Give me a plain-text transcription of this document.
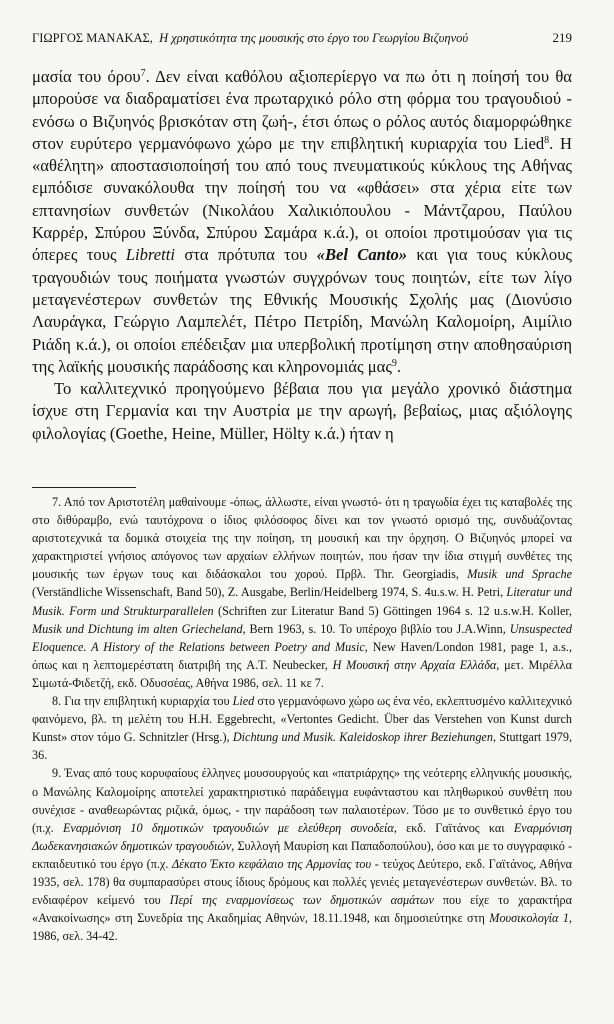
ΓΙΩΡΓΟΣ ΜΑΝΑΚΑΣ, Η χρηστικότητα της μουσικής στο έργο του Γεωργίου Βιζυηνού	219

μασία του όρου$^7$. Δεν είναι καθόλου αξιοπερίεργο να πω ότι η ποίησή του θα μπορούσε να διαδραματίσει ένα πρωταρχικό ρόλο στη φόρμα του τραγουδιού - ενόσω ο Βιζυηνός βρισκόταν στη ζωή-, έτσι όπως ο ρόλος αυτός διαμορφώθηκε στον ευρύτερο γερμανόφωνο χώρο με την επιβλητική κυριαρχία του Lied$^8$. Η «αθέλητη» αποστασιοποίησή του από τους πνευματικούς κύκλους της Αθήνας εμπόδισε συνακόλουθα την ποίησή του να «φθάσει» στα χέρια είτε των επτανησίων συνθετών (Νικολάου Χαλικιόπουλου - Μάντζαρου, Παύλου Καρρέρ, Σπύρου Ξύνδα, Σπύρου Σαμάρα κ.ά.), οι οποίοι προτιμούσαν για τις όπερες τους Libretti στα πρότυπα του «Bel Canto» και για τους κύκλους τραγουδιών τους ποιήματα γνωστών συγχρόνων τους ποιητών, είτε των λίγο μεταγενέστερων συνθετών της Εθνικής Μουσικής Σχολής μας (Διονύσιο Λαυράγκα, Γεώργιο Λαμπελέτ, Πέτρο Πετρίδη, Μανώλη Καλομοίρη, Αιμίλιο Ριάδη κ.ά.), οι οποίοι επέδειξαν μια υπερβολική προτίμηση στην αποθησαύριση της λαϊκής μουσικής παράδοσης και κληρονομιάς μας$^9$.

Το καλλιτεχνικό προηγούμενο βέβαια που για μεγάλο χρονικό διάστημα ίσχυε στη Γερμανία και την Αυστρία με την αρωγή, βεβαίως, μιας αξιόλογης φιλολογίας (Goethe, Heine, Müller, Hölty κ.ά.) ήταν η

7. Από τον Αριστοτέλη μαθαίνουμε -όπως, άλλωστε, είναι γνωστό- ότι η τραγωδία έχει τις καταβολές της στο διθύραμβο, ενώ ταυτόχρονα ο ίδιος φιλόσοφος δίνει και τον γνωστό ορισμό της, συνδυάζοντας αριστοτεχνικά τα δομικά στοιχεία της την ποίηση, τη μουσική και την όρχηση. Ο Βιζυηνός μπορεί να χαρακτηριστεί γνήσιος απόγονος των αρχαίων ελλήνων ποιητών, που ήσαν την ίδια στιγμή συνθέτες της μουσικής των έργων τους και διδάσκαλοι του χορού. Πρβλ. Thr. Georgiadis, Musik und Sprache (Verständliche Wissenschaft, Band 50), Z. Ausgabe, Berlin/Heidelberg 1974, S. 4u.s.w. H. Petri, Literatur und Musik. Form und Strukturparallelen (Schriften zur Literatur Band 5) Göttingen 1964 s. 12 u.s.w.H. Koller, Musik und Dichtung im alten Griecheland, Bern 1963, s. 10. Το υπέροχο βιβλίο του J.A.Winn, Unsuspected Eloquence. A History of the Relations between Poetry and Music, New Haven/London 1981, page 1, a.s., όπως και η λεπτομερέστατη διατριβή της A.T. Neubecker, Η Μουσική στην Αρχαία Ελλάδα, μετ. Μιρέλλα Σιμωτά-Φιδετζή, εκδ. Οδυσσέας, Αθήνα 1986, σελ. 11 κε 7.

8. Για την επιβλητική κυριαρχία του Lied στο γερμανόφωνο χώρο ως ένα νέο, εκλεπτυσμένο καλλιτεχνικό φαινόμενο, βλ. τη μελέτη του H.H. Eggebrecht, «Vertontes Gedicht. Über das Verstehen von Kunst durch Kunst» στον τόμο G. Schnitzler (Hrsg.), Dichtung und Musik. Kaleidoskop ihrer Beziehungen, Stuttgart 1979, 36.

9. Ένας από τους κορυφαίους έλληνες μουσουργούς και «πατριάρχης» της νεότερης ελληνικής μουσικής, ο Μανώλης Καλομοίρης αποτελεί χαρακτηριστικό παράδειγμα ευφάνταστου και πληθωρικού συνθέτη που συνέχισε - αναθεωρώντας ριζικά, όμως, - την παράδοση των παλαιοτέρων. Τόσο με το συνθετικό έργο του (π.χ. Εναρμόνιση 10 δημοτικών τραγουδιών με ελεύθερη συνοδεία, εκδ. Γαϊτάνος και Εναρμόνιση Δωδεκανησιακών δημοτικών τραγουδιών, Συλλογή Μαυρίση και Παπαδοπούλου), όσο και με το συγγραφικό - εκπαιδευτικό του έργο (π.χ. Δέκατο Έκτο κεφάλαιο της Αρμονίας του - τεύχος Δεύτερο, εκδ. Γαϊτάνος, Αθήνα 1935, σελ. 178) θα συμπαρασύρει στους ίδιους δρόμους και πολλές γενιές μεταγενέστερων συνθετών. Βλ. το ενδιαφέρον κείμενό του Περί της εναρμονίσεως των δημοτικών ασμάτων που είχε το χαρακτήρα «Ανακοίνωσης» στη Συνεδρία της Ακαδημίας Αθηνών, 18.11.1948, και δημοσιεύτηκε στη Μουσικολογία 1, 1986, σελ. 34-42.
